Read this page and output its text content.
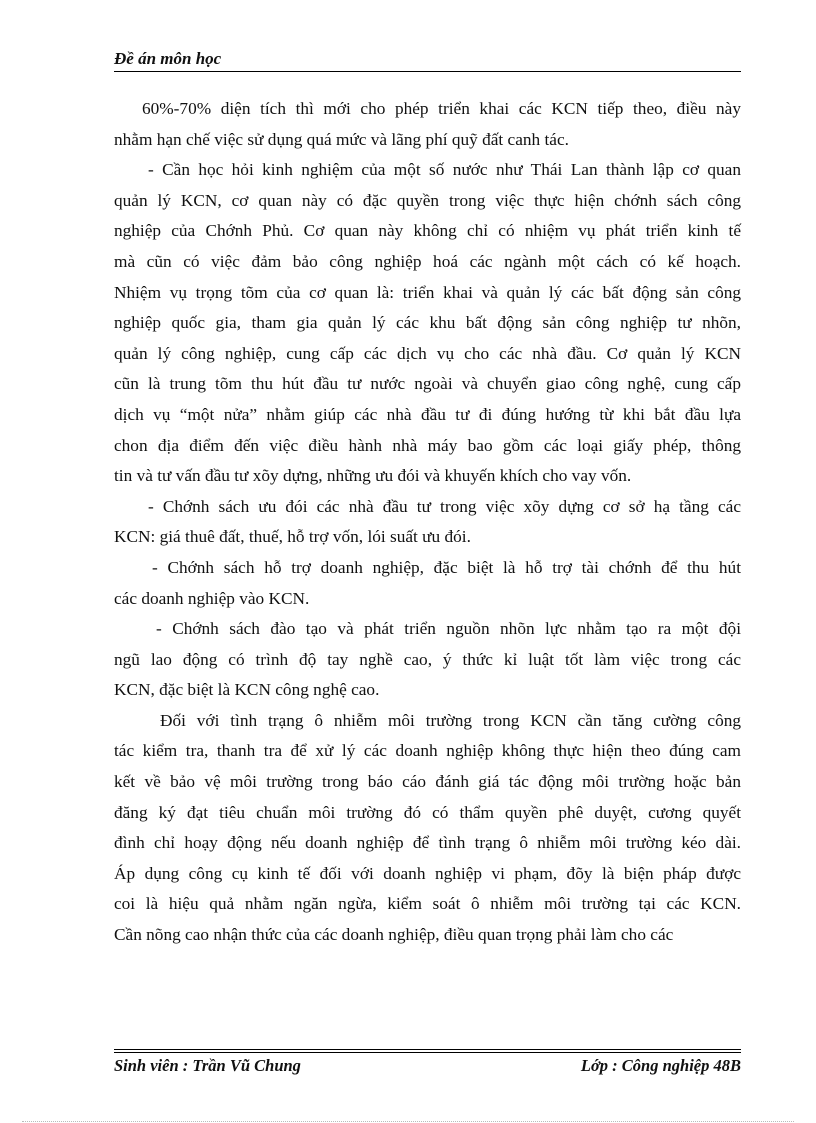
Đề án môn học

60%-70% diện tích thì mới cho phép triển khai các KCN tiếp theo, điều này
nhằm hạn chế việc sử dụng quá mức và lãng phí quỹ đất canh tác.

- Cần học hỏi kinh nghiệm của một số nước như Thái Lan thành lập cơ quan
quản lý KCN, cơ quan này có đặc quyền trong việc thực hiện chớnh sách công
nghiệp của Chớnh Phủ. Cơ quan này không chỉ có nhiệm vụ phát triển kinh tế
mà cũn có việc đảm bảo công nghiệp hoá các ngành một cách có kế hoạch.
Nhiệm vụ trọng tõm của cơ quan là: triển khai và quản lý các bất động sản công
nghiệp quốc gia, tham gia quản lý các khu bất động sản công nghiệp tư nhõn,
quản lý công nghiệp, cung cấp các dịch vụ cho các nhà đầu. Cơ quản lý KCN
cũn là trung tõm thu hút đầu tư nước ngoài và chuyển giao công nghệ, cung cấp
dịch vụ “một nửa” nhằm giúp các nhà đầu tư đi đúng hướng từ khi bắt đầu lựa
chon địa điểm đến việc điều hành nhà máy bao gồm các loại giấy phép, thông
tin và tư vấn đầu tư xõy dựng, những ưu đói và khuyến khích cho vay vốn.

- Chớnh sách ưu đói các nhà đầu tư trong việc xõy dựng cơ sở hạ tầng các
KCN: giá thuê đất, thuế, hỗ trợ vốn, lói suất ưu đói.

- Chớnh sách hỗ trợ doanh nghiệp, đặc biệt là hỗ trợ tài chớnh để thu hút
các doanh nghiệp vào KCN.

- Chớnh sách đào tạo và phát triển nguồn nhõn lực nhằm tạo ra một đội
ngũ lao động có trình độ tay nghề cao, ý thức kỉ luật tốt làm việc trong các
KCN, đặc biệt là KCN công nghệ cao.

Đối với tình trạng ô nhiễm môi trường trong KCN cần tăng cường công
tác kiểm tra, thanh tra để xử lý các doanh nghiệp không thực hiện theo đúng cam
kết về bảo vệ môi trường trong báo cáo đánh giá tác động môi trường hoặc bản
đăng ký đạt tiêu chuẩn môi trường đó có thẩm quyền phê duyệt, cương quyết
đình chỉ hoạy động nếu doanh nghiệp để tình trạng ô nhiễm môi trường kéo dài.
Áp dụng công cụ kinh tế đối với doanh nghiệp vi phạm, đõy là biện pháp được
coi là hiệu quả nhằm ngăn ngừa, kiểm soát ô nhiễm môi trường tại các KCN.
Cần nõng cao nhận thức của các doanh nghiệp, điều quan trọng phải làm cho các

Sinh viên : Trần Vũ Chung	Lớp : Công nghiệp 48B
